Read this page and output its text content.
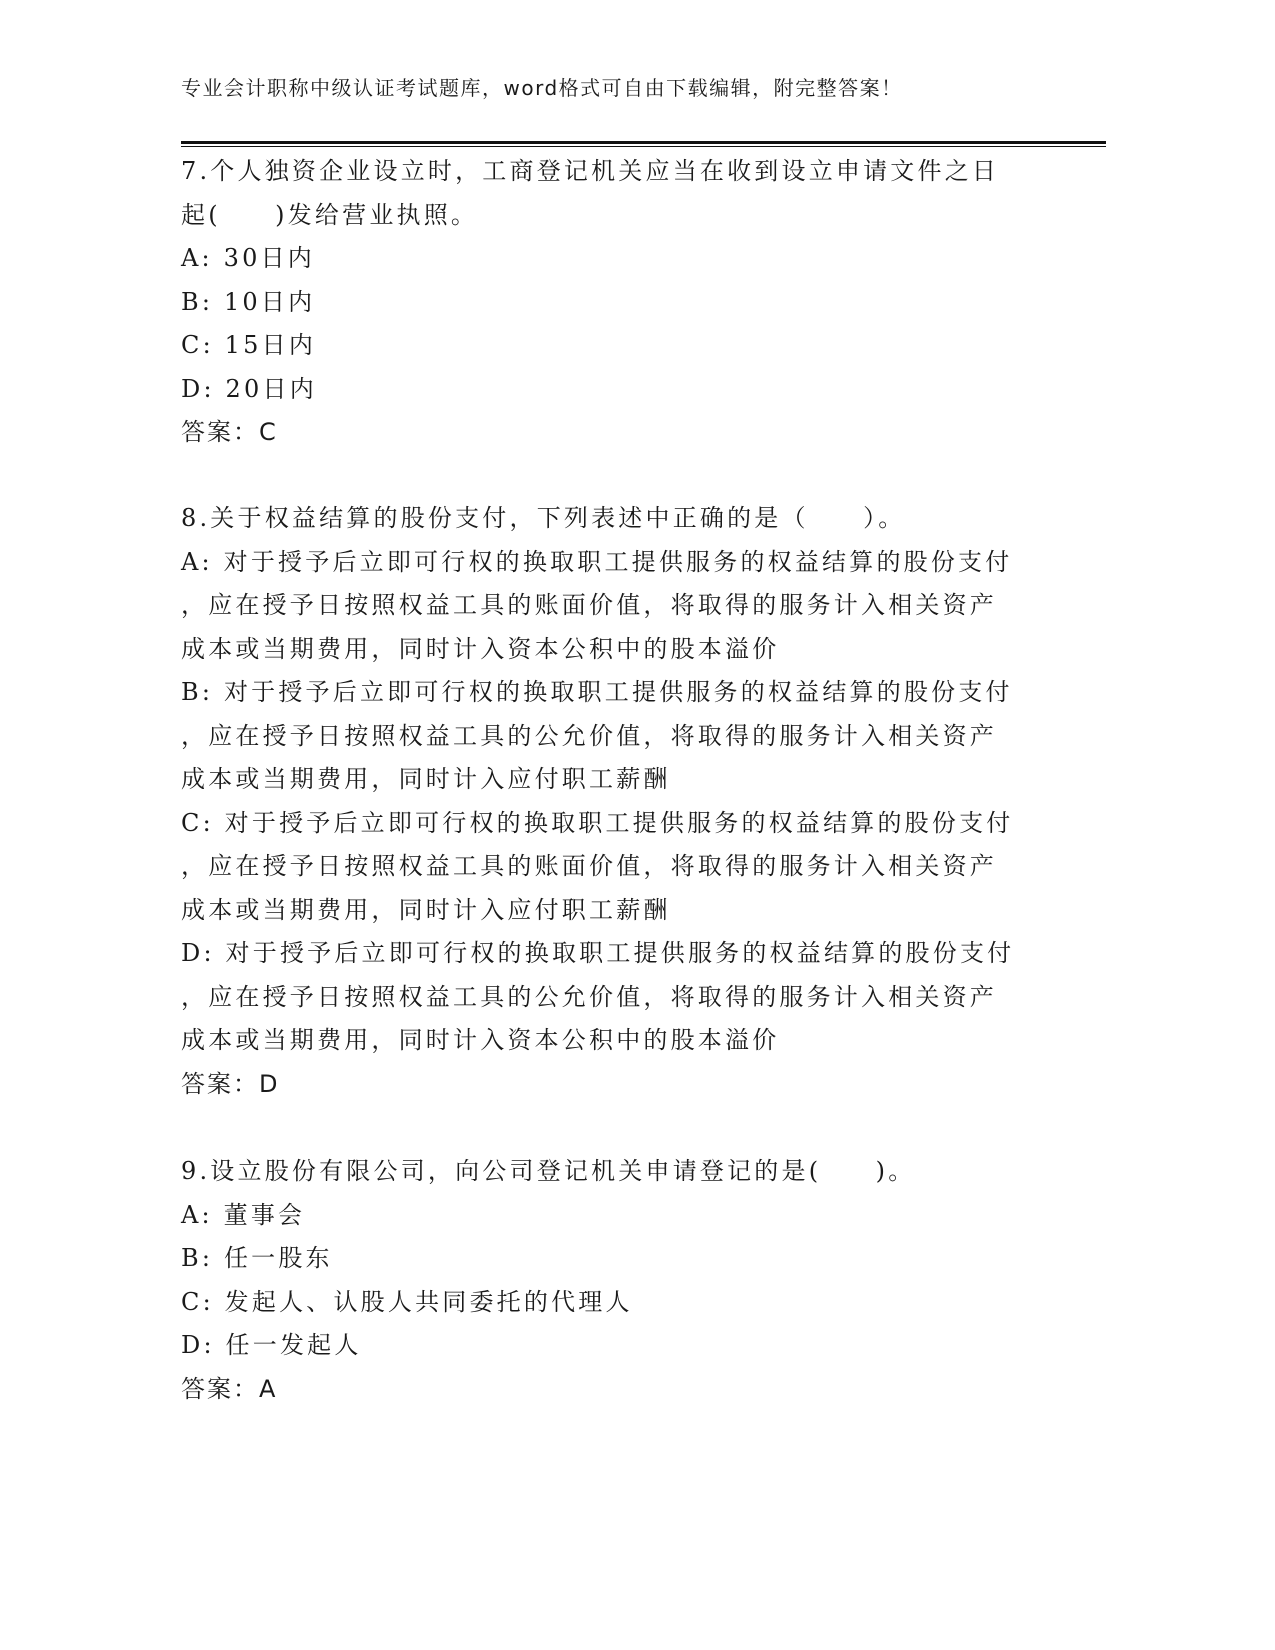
专业会计职称中级认证考试题库，word格式可自由下载编辑，附完整答案！
7.个人独资企业设立时，工商登记机关应当在收到设立申请文件之日
起(　　)发给营业执照。
A: 30日内
B: 10日内
C: 15日内
D: 20日内
答案：C
8.关于权益结算的股份支付，下列表述中正确的是（　　）。
A: 对于授予后立即可行权的换取职工提供服务的权益结算的股份支付
，应在授予日按照权益工具的账面价值，将取得的服务计入相关资产
成本或当期费用，同时计入资本公积中的股本溢价
B: 对于授予后立即可行权的换取职工提供服务的权益结算的股份支付
，应在授予日按照权益工具的公允价值，将取得的服务计入相关资产
成本或当期费用，同时计入应付职工薪酬
C: 对于授予后立即可行权的换取职工提供服务的权益结算的股份支付
，应在授予日按照权益工具的账面价值，将取得的服务计入相关资产
成本或当期费用，同时计入应付职工薪酬
D: 对于授予后立即可行权的换取职工提供服务的权益结算的股份支付
，应在授予日按照权益工具的公允价值，将取得的服务计入相关资产
成本或当期费用，同时计入资本公积中的股本溢价
答案：D
9.设立股份有限公司，向公司登记机关申请登记的是(　　)。
A: 董事会
B: 任一股东
C: 发起人、认股人共同委托的代理人
D: 任一发起人
答案：A
